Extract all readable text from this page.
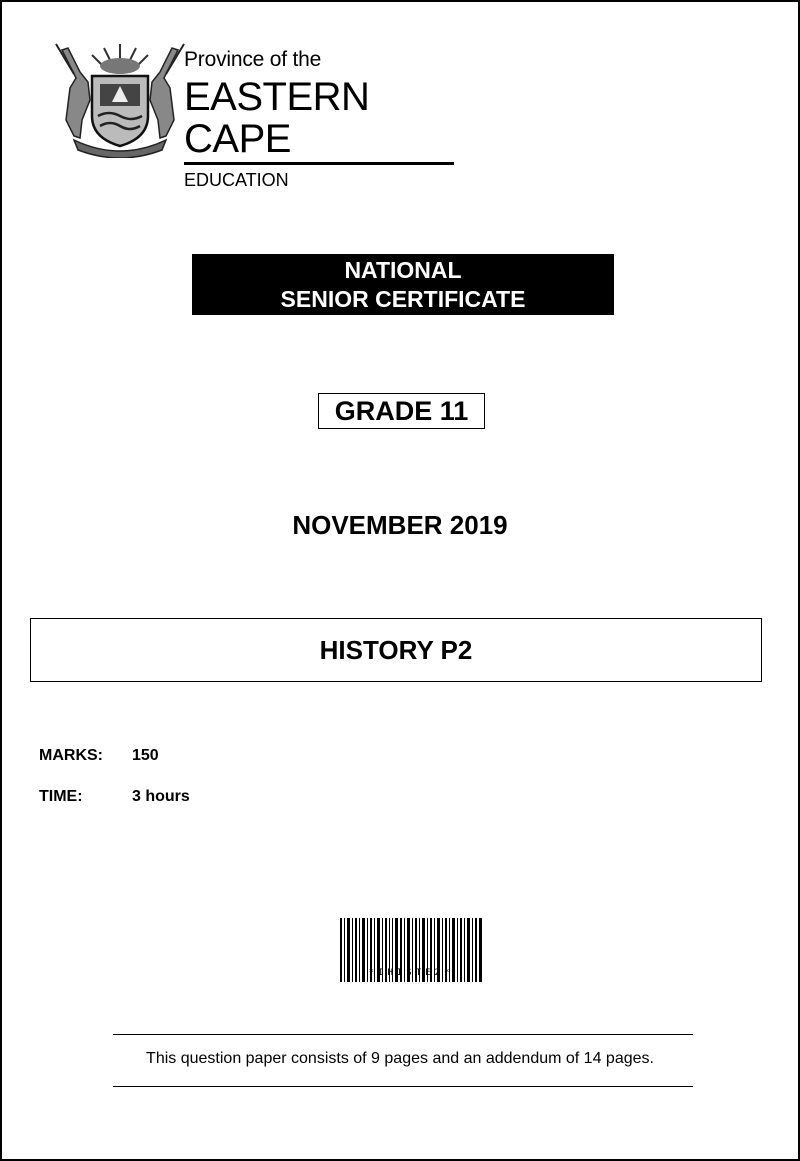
Province of the
EASTERN CAPE
EDUCATION
NATIONAL
SENIOR CERTIFICATE
GRADE 11
NOVEMBER 2019
HISTORY P2
MARKS: 150
TIME:	3 hours
*IHISTE2*
This question paper consists of 9 pages and an addendum of 14 pages.
